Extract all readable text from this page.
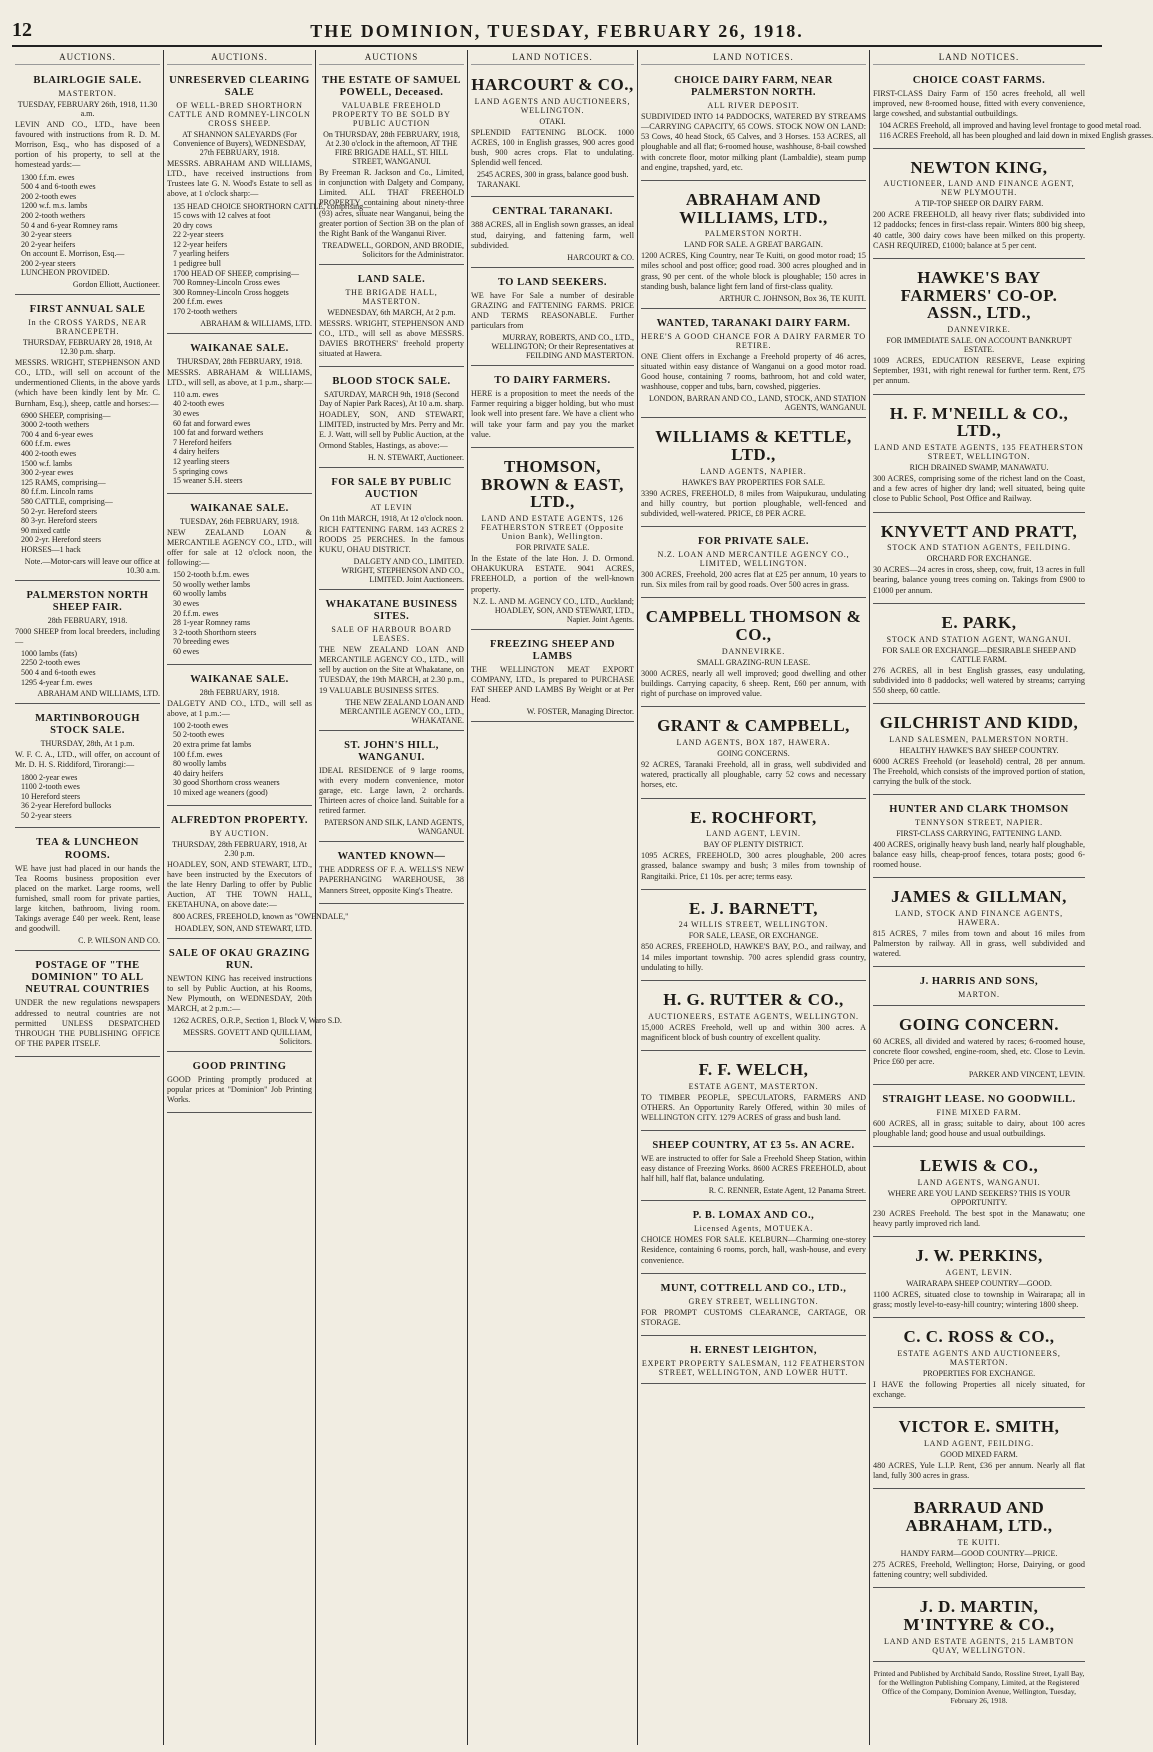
12	THE DOMINION, TUESDAY, FEBRUARY 26, 1918.
AUCTIONS.
BLAIRLOGIE SALE.
MASTERTON.
TUESDAY, FEBRUARY 26th, 1918, 11.30 a.m.
LEVIN AND CO., LTD., have been favoured with instructions from R. D. M. Morrison, Esq., who has disposed of a portion of his property, to sell at the homestead yards:—
1300 f.f.m. ewes
500 4 and 6-tooth ewes
200 2-tooth ewes
1200 w.f. m.s. lambs
200 2-tooth wethers
50 4 and 6-year Romney rams
30 2-year steers
20 2-year heifers
On account E. Morrison, Esq.—
200 2-year steers
LUNCHEON PROVIDED.
Gordon Elliott, Auctioneer.
FIRST ANNUAL SALE
In the CROSS YARDS, NEAR BRANCEPETH.
THURSDAY, FEBRUARY 28, 1918, At 12.30 p.m. sharp.
MESSRS. WRIGHT, STEPHENSON AND CO., LTD., will sell on account of the undermentioned Clients, in the above yards (which have been kindly lent by Mr. C. Burnham, Esq.), sheep, cattle and horses:—
6900 SHEEP, comprising—
3000 2-tooth wethers
700 4 and 6-year ewes
600 f.f.m. ewes
400 2-tooth ewes
1500 w.f. lambs
300 2-year ewes
125 RAMS, comprising—
80 f.f.m. Lincoln rams
580 CATTLE, comprising—
50 2-yr. Hereford steers
80 3-yr. Hereford steers
90 mixed cattle
200 2-yr. Hereford steers
HORSES—1 hack
Note.—Motor-cars will leave our office at 10.30 a.m.
PALMERSTON NORTH SHEEP FAIR.
28th FEBRUARY, 1918.
7000 SHEEP from local breeders, including—
1000 lambs (fats)
2250 2-tooth ewes
500 4 and 6-tooth ewes
1295 4-year f.m. ewes
ABRAHAM AND WILLIAMS, LTD.
MARTINBOROUGH STOCK SALE.
THURSDAY, 28th, At 1 p.m.
W. F. C. A., LTD., will offer, on account of Mr. D. H. S. Riddiford, Tirorangi:—
1800 2-year ewes
1100 2-tooth ewes
10 Hereford steers
36 2-year Hereford bullocks
50 2-year steers
TEA & LUNCHEON ROOMS.
WE have just had placed in our hands the Tea Rooms business proposition ever placed on the market. Large rooms, well furnished, small room for private parties, large kitchen, bathroom, living room. Takings average £40 per week. Rent, lease and goodwill.
C. P. WILSON AND CO.
POSTAGE OF "THE DOMINION" TO ALL NEUTRAL COUNTRIES
UNDER the new regulations newspapers addressed to neutral countries are not permitted UNLESS DESPATCHED THROUGH THE PUBLISHING OFFICE OF THE PAPER ITSELF.
AUCTIONS.
UNRESERVED CLEARING SALE
OF WELL-BRED SHORTHORN CATTLE AND ROMNEY-LINCOLN CROSS SHEEP.
AT SHANNON SALEYARDS (For Convenience of Buyers), WEDNESDAY, 27th FEBRUARY, 1918.
MESSRS. ABRAHAM AND WILLIAMS, LTD., have received instructions from Trustees late G. N. Wood's Estate to sell as above, at 1 o'clock sharp:—
135 HEAD CHOICE SHORTHORN CATTLE, comprising—
15 cows with 12 calves at foot
20 dry cows
22 2-year steers
12 2-year heifers
7 yearling heifers
1 pedigree bull
1700 HEAD OF SHEEP, comprising—
700 Romney-Lincoln Cross ewes
300 Romney-Lincoln Cross hoggets
200 f.f.m. ewes
170 2-tooth wethers
ABRAHAM & WILLIAMS, LTD.
WAIKANAE SALE.
THURSDAY, 28th FEBRUARY, 1918.
MESSRS. ABRAHAM & WILLIAMS, LTD., will sell, as above, at 1 p.m., sharp:—
110 a.m. ewes
40 2-tooth ewes
30 ewes
60 fat and forward ewes
100 fat and forward wethers
7 Hereford heifers
4 dairy heifers
12 yearling steers
5 springing cows
15 weaner S.H. steers
WAIKANAE SALE.
TUESDAY, 26th FEBRUARY, 1918.
NEW ZEALAND LOAN & MERCANTILE AGENCY CO., LTD., will offer for sale at 12 o'clock noon, the following:—
150 2-tooth b.f.m. ewes
50 woolly wether lambs
60 woolly lambs
30 ewes
20 f.f.m. ewes
28 1-year Romney rams
3 2-tooth Shorthorn steers
70 breeding ewes
60 ewes
WAIKANAE SALE.
28th FEBRUARY, 1918.
DALGETY AND CO., LTD., will sell as above, at 1 p.m.:—
100 2-tooth ewes
50 2-tooth ewes
20 extra prime fat lambs
100 f.f.m. ewes
80 woolly lambs
40 dairy heifers
30 good Shorthorn cross weaners
10 mixed age weaners (good)
ALFREDTON PROPERTY.
BY AUCTION.
THURSDAY, 28th FEBRUARY, 1918, At 2.30 p.m.
HOADLEY, SON, AND STEWART, LTD., have been instructed by the Executors of the late Henry Darling to offer by Public Auction, AT THE TOWN HALL, EKETAHUNA, on above date:—
800 ACRES, FREEHOLD, known as "OWENDALE,"
HOADLEY, SON, AND STEWART, LTD.
SALE OF OKAU GRAZING RUN.
NEWTON KING has received instructions to sell by Public Auction, at his Rooms, New Plymouth, on WEDNESDAY, 20th MARCH, at 2 p.m.:—
1262 ACRES, O.R.P., Section 1, Block V, Waro S.D.
MESSRS. GOVETT AND QUILLIAM, Solicitors.
GOOD PRINTING
GOOD Printing promptly produced at popular prices at "Dominion" Job Printing Works.
AUCTIONS
THE ESTATE OF SAMUEL POWELL, Deceased.
VALUABLE FREEHOLD PROPERTY TO BE SOLD BY PUBLIC AUCTION
On THURSDAY, 28th FEBRUARY, 1918, At 2.30 o'clock in the afternoon, AT THE FIRE BRIGADE HALL, ST. HILL STREET, WANGANUI.
By Freeman R. Jackson and Co., Limited, in conjunction with Dalgety and Company, Limited. ALL THAT FREEHOLD PROPERTY containing about ninety-three (93) acres, situate near Wanganui, being the greater portion of Section 3B on the plan of the Right Bank of the Wanganui River.
TREADWELL, GORDON, AND BRODIE, Solicitors for the Administrator.
LAND SALE.
THE BRIGADE HALL, MASTERTON.
WEDNESDAY, 6th MARCH, At 2 p.m.
MESSRS. WRIGHT, STEPHENSON AND CO., LTD., will sell as above MESSRS. DAVIES BROTHERS' freehold property situated at Hawera.
BLOOD STOCK SALE.
SATURDAY, MARCH 9th, 1918 (Second Day of Napier Park Races), At 10 a.m. sharp.
HOADLEY, SON, AND STEWART, LIMITED, instructed by Mrs. Perry and Mr. E. J. Watt, will sell by Public Auction, at the Ormond Stables, Hastings, as above:—
H. N. STEWART, Auctioneer.
FOR SALE BY PUBLIC AUCTION
AT LEVIN
On 11th MARCH, 1918, At 12 o'clock noon.
RICH FATTENING FARM. 143 ACRES 2 ROODS 25 PERCHES. In the famous KUKU, OHAU DISTRICT.
DALGETY AND CO., LIMITED. WRIGHT, STEPHENSON AND CO., LIMITED. Joint Auctioneers.
WHAKATANE BUSINESS SITES.
SALE OF HARBOUR BOARD LEASES.
THE NEW ZEALAND LOAN AND MERCANTILE AGENCY CO., LTD., will sell by auction on the Site at Whakatane, on TUESDAY, the 19th MARCH, at 2.30 p.m., 19 VALUABLE BUSINESS SITES.
THE NEW ZEALAND LOAN AND MERCANTILE AGENCY CO., LTD., WHAKATANE.
ST. JOHN'S HILL, WANGANUI.
IDEAL RESIDENCE of 9 large rooms, with every modern convenience, motor garage, etc. Large lawn, 2 orchards. Thirteen acres of choice land. Suitable for a retired farmer.
PATERSON AND SILK, LAND AGENTS, WANGANUI.
WANTED KNOWN—
THE ADDRESS OF F. A. WELLS'S NEW PAPERHANGING WAREHOUSE, 38 Manners Street, opposite King's Theatre.
LAND NOTICES.
HARCOURT & CO.,
LAND AGENTS AND AUCTIONEERS, WELLINGTON.
OTAKI.
SPLENDID FATTENING BLOCK. 1000 ACRES, 100 in English grasses, 900 acres good bush, 900 acres crops. Flat to undulating. Splendid well fenced.
2545 ACRES, 300 in grass, balance good bush.
TARANAKI.
CENTRAL TARANAKI.
388 ACRES, all in English sown grasses, an ideal stud, dairying, and fattening farm, well subdivided.
HARCOURT & CO.
TO LAND SEEKERS.
WE have For Sale a number of desirable GRAZING and FATTENING FARMS. PRICE AND TERMS REASONABLE. Further particulars from
MURRAY, ROBERTS, AND CO., LTD., WELLINGTON; Or their Representatives at FEILDING AND MASTERTON.
TO DAIRY FARMERS.
HERE is a proposition to meet the needs of the Farmer requiring a bigger holding, but who must look well into present fare. We have a client who will take your farm and pay you the market value.
THOMSON, BROWN & EAST, LTD.,
LAND AND ESTATE AGENTS, 126 FEATHERSTON STREET (Opposite Union Bank), Wellington.
FOR PRIVATE SALE.
In the Estate of the late Hon. J. D. Ormond. OHAKUKURA ESTATE. 9041 ACRES, FREEHOLD, a portion of the well-known property.
N.Z. L. AND M. AGENCY CO., LTD., Auckland; HOADLEY, SON, AND STEWART, LTD., Napier. Joint Agents.
FREEZING SHEEP AND LAMBS
THE WELLINGTON MEAT EXPORT COMPANY, LTD., Is prepared to PURCHASE FAT SHEEP AND LAMBS By Weight or at Per Head.
W. FOSTER, Managing Director.
LAND NOTICES.
CHOICE DAIRY FARM, NEAR PALMERSTON NORTH.
ALL RIVER DEPOSIT.
SUBDIVIDED INTO 14 PADDOCKS, WATERED BY STREAMS—CARRYING CAPACITY, 65 COWS. STOCK NOW ON LAND: 53 Cows, 40 head Stock, 65 Calves, and 3 Horses. 153 ACRES, all ploughable and all flat; 6-roomed house, washhouse, 8-bail cowshed with concrete floor, motor milking plant (Lambaldie), steam pump and engine, trapshed, yard, etc.
ABRAHAM AND WILLIAMS, LTD.,
PALMERSTON NORTH.
LAND FOR SALE. A GREAT BARGAIN.
1200 ACRES, King Country, near Te Kuiti, on good motor road; 15 miles school and post office; good road. 300 acres ploughed and in grass, 90 per cent. of the whole block is ploughable; 150 acres in standing bush, balance light fern land of first-class quality.
ARTHUR C. JOHNSON, Box 36, TE KUITI.
WANTED, TARANAKI DAIRY FARM.
HERE'S A GOOD CHANCE FOR A DAIRY FARMER TO RETIRE.
ONE Client offers in Exchange a Freehold property of 46 acres, situated within easy distance of Wanganui on a good motor road. Good house, containing 7 rooms, bathroom, hot and cold water, washhouse, copper and tubs, barn, cowshed, piggeries.
LONDON, BARRAN AND CO., LAND, STOCK, AND STATION AGENTS, WANGANUI.
WILLIAMS & KETTLE, LTD.,
LAND AGENTS, NAPIER.
HAWKE'S BAY PROPERTIES FOR SALE.
3390 ACRES, FREEHOLD, 8 miles from Waipukurau, undulating and hilly country, but portion ploughable, well-fenced and subdivided, well-watered. PRICE, £8 PER ACRE.
FOR PRIVATE SALE.
N.Z. LOAN AND MERCANTILE AGENCY CO., LIMITED, WELLINGTON.
300 ACRES, Freehold, 200 acres flat at £25 per annum, 10 years to run. Six miles from rail by good roads. Over 500 acres in grass.
CAMPBELL THOMSON & CO.,
DANNEVIRKE.
SMALL GRAZING-RUN LEASE.
3000 ACRES, nearly all well improved; good dwelling and other buildings. Carrying capacity, 6 sheep. Rent, £60 per annum, with right of purchase on improved value.
GRANT & CAMPBELL,
LAND AGENTS, BOX 187, HAWERA.
GOING CONCERNS.
92 ACRES, Taranaki Freehold, all in grass, well subdivided and watered, practically all ploughable, carry 52 cows and necessary horses, etc.
E. ROCHFORT,
LAND AGENT, LEVIN.
BAY OF PLENTY DISTRICT.
1095 ACRES, FREEHOLD, 300 acres ploughable, 200 acres grassed, balance swampy and bush; 3 miles from township of Rangitaiki. Price, £1 10s. per acre; terms easy.
E. J. BARNETT,
24 WILLIS STREET, WELLINGTON.
FOR SALE, LEASE, OR EXCHANGE.
850 ACRES, FREEHOLD, HAWKE'S BAY, P.O., and railway, and 14 miles important township. 700 acres splendid grass country, undulating to hilly.
H. G. RUTTER & CO.,
AUCTIONEERS, ESTATE AGENTS, WELLINGTON.
15,000 ACRES Freehold, well up and within 300 acres. A magnificent block of bush country of excellent quality.
F. F. WELCH,
ESTATE AGENT, MASTERTON.
TO TIMBER PEOPLE, SPECULATORS, FARMERS AND OTHERS. An Opportunity Rarely Offered, within 30 miles of WELLINGTON CITY. 1279 ACRES of grass and bush land.
SHEEP COUNTRY, AT £3 5s. AN ACRE.
WE are instructed to offer for Sale a Freehold Sheep Station, within easy distance of Freezing Works. 8600 ACRES FREEHOLD, about half hill, half flat, balance undulating.
R. C. RENNER, Estate Agent, 12 Panama Street.
P. B. LOMAX AND CO.,
Licensed Agents, MOTUEKA.
CHOICE HOMES FOR SALE. KELBURN—Charming one-storey Residence, containing 6 rooms, porch, hall, wash-house, and every convenience.
MUNT, COTTRELL AND CO., LTD.,
GREY STREET, WELLINGTON.
FOR PROMPT CUSTOMS CLEARANCE, CARTAGE, OR STORAGE.
H. ERNEST LEIGHTON,
EXPERT PROPERTY SALESMAN, 112 FEATHERSTON STREET, WELLINGTON, AND LOWER HUTT.
LAND NOTICES.
CHOICE COAST FARMS.
FIRST-CLASS Dairy Farm of 150 acres freehold, all well improved, new 8-roomed house, fitted with every convenience, large cowshed, and substantial outbuildings.
104 ACRES Freehold, all improved and having level frontage to good metal road.
116 ACRES Freehold, all has been ploughed and laid down in mixed English grasses.
NEWTON KING,
AUCTIONEER, LAND AND FINANCE AGENT, NEW PLYMOUTH.
A TIP-TOP SHEEP OR DAIRY FARM.
200 ACRE FREEHOLD, all heavy river flats; subdivided into 12 paddocks; fences in first-class repair. Winters 800 big sheep, 40 cattle, 300 dairy cows have been milked on this property. CASH REQUIRED, £1000; balance at 5 per cent.
HAWKE'S BAY FARMERS' CO-OP. ASSN., LTD.,
DANNEVIRKE.
FOR IMMEDIATE SALE. ON ACCOUNT BANKRUPT ESTATE.
1009 ACRES, EDUCATION RESERVE, Lease expiring September, 1931, with right renewal for further term. Rent, £75 per annum.
H. F. M'NEILL & CO., LTD.,
LAND AND ESTATE AGENTS, 135 FEATHERSTON STREET, WELLINGTON.
RICH DRAINED SWAMP, MANAWATU.
300 ACRES, comprising some of the richest land on the Coast, and a few acres of higher dry land; well situated, being quite close to Public School, Post Office and Railway.
KNYVETT AND PRATT,
STOCK AND STATION AGENTS, FEILDING.
ORCHARD FOR EXCHANGE.
30 ACRES—24 acres in cross, sheep, cow, fruit, 13 acres in full bearing, balance young trees coming on. Takings from £900 to £1000 per annum.
E. PARK,
STOCK AND STATION AGENT, WANGANUI.
FOR SALE OR EXCHANGE—DESIRABLE SHEEP AND CATTLE FARM.
276 ACRES, all in best English grasses, easy undulating, subdivided into 8 paddocks; well watered by streams; carrying 550 sheep, 60 cattle.
GILCHRIST AND KIDD,
LAND SALESMEN, PALMERSTON NORTH.
HEALTHY HAWKE'S BAY SHEEP COUNTRY.
6000 ACRES Freehold (or leasehold) central, 28 per annum. The Freehold, which consists of the improved portion of station, carrying the bulk of the stock.
HUNTER AND CLARK THOMSON
TENNYSON STREET, NAPIER.
FIRST-CLASS CARRYING, FATTENING LAND.
400 ACRES, originally heavy bush land, nearly half ploughable, balance easy hills, cheap-proof fences, totara posts; good 6-roomed house.
JAMES & GILLMAN,
LAND, STOCK AND FINANCE AGENTS, HAWERA.
815 ACRES, 7 miles from town and about 16 miles from Palmerston by railway. All in grass, well subdivided and watered.
J. HARRIS AND SONS,
MARTON.
GOING CONCERN.
60 ACRES, all divided and watered by races; 6-roomed house, concrete floor cowshed, engine-room, shed, etc. Close to Levin. Price £60 per acre.
PARKER AND VINCENT, LEVIN.
STRAIGHT LEASE. NO GOODWILL.
FINE MIXED FARM.
600 ACRES, all in grass; suitable to dairy, about 100 acres ploughable land; good house and usual outbuildings.
LEWIS & CO.,
LAND AGENTS, WANGANUI.
WHERE ARE YOU LAND SEEKERS? THIS IS YOUR OPPORTUNITY.
230 ACRES Freehold. The best spot in the Manawatu; one heavy partly improved rich land.
J. W. PERKINS,
AGENT, LEVIN.
WAIRARAPA SHEEP COUNTRY—GOOD.
1100 ACRES, situated close to township in Wairarapa; all in grass; mostly level-to-easy-hill country; wintering 1800 sheep.
C. C. ROSS & CO.,
ESTATE AGENTS AND AUCTIONEERS, MASTERTON.
PROPERTIES FOR EXCHANGE.
I HAVE the following Properties all nicely situated, for exchange.
VICTOR E. SMITH,
LAND AGENT, FEILDING.
GOOD MIXED FARM.
480 ACRES, Yule L.I.P. Rent, £36 per annum. Nearly all flat land, fully 300 acres in grass.
BARRAUD AND ABRAHAM, LTD.,
TE KUITI.
HANDY FARM—GOOD COUNTRY—PRICE.
275 ACRES, Freehold, Wellington; Horse, Dairying, or good fattening country; well subdivided.
J. D. MARTIN, M'INTYRE & CO.,
LAND AND ESTATE AGENTS, 215 LAMBTON QUAY, WELLINGTON.
Printed and Published by Archibald Sando, Rossline Street, Lyall Bay, for the Wellington Publishing Company, Limited, at the Registered Office of the Company, Dominion Avenue, Wellington, Tuesday, February 26, 1918.
